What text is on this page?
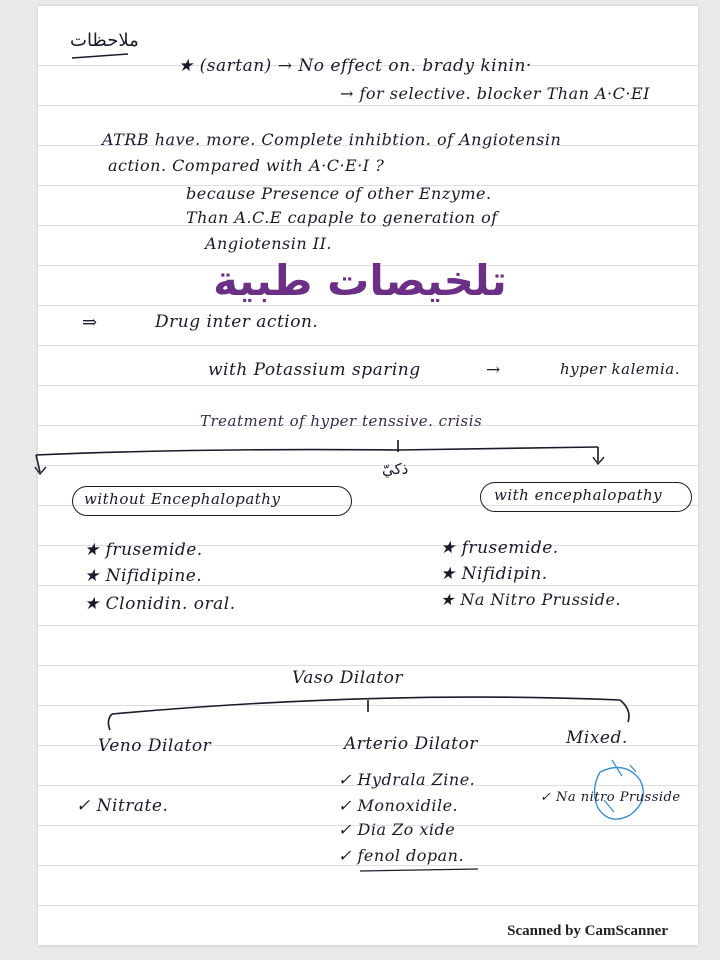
ملاحظات
★ (sartan) → No effect on. brady kinin·
→ for selective. blocker Than A·C·EI
ATRB have. more. Complete inhibtion. of Angiotensin
action. Compared with A·C·E·I ?
because Presence of other Enzyme.
Than A.C.E capaple to generation of
Angiotensin II.
تلخيصات طبية
⇒	Drug inter action.
with Potassium sparing	→	hyper kalemia.
Treatment of hyper tenssive. crisis
ذكيّ
without Encephalopathy	with encephalopathy
★ frusemide.
★ Nifidipine.
★ Clonidin. oral.
★ frusemide.
★ Nifidipin.
★ Na Nitro Prusside.
Vaso Dilator
Veno Dilator	Arterio Dilator	Mixed.
✓ Nitrate.
✓ Hydrala Zine.
✓ Monoxidile.
✓ Dia Zo xide
✓ fenol dopan.
✓ Na nitro Prusside
Scanned by CamScanner
